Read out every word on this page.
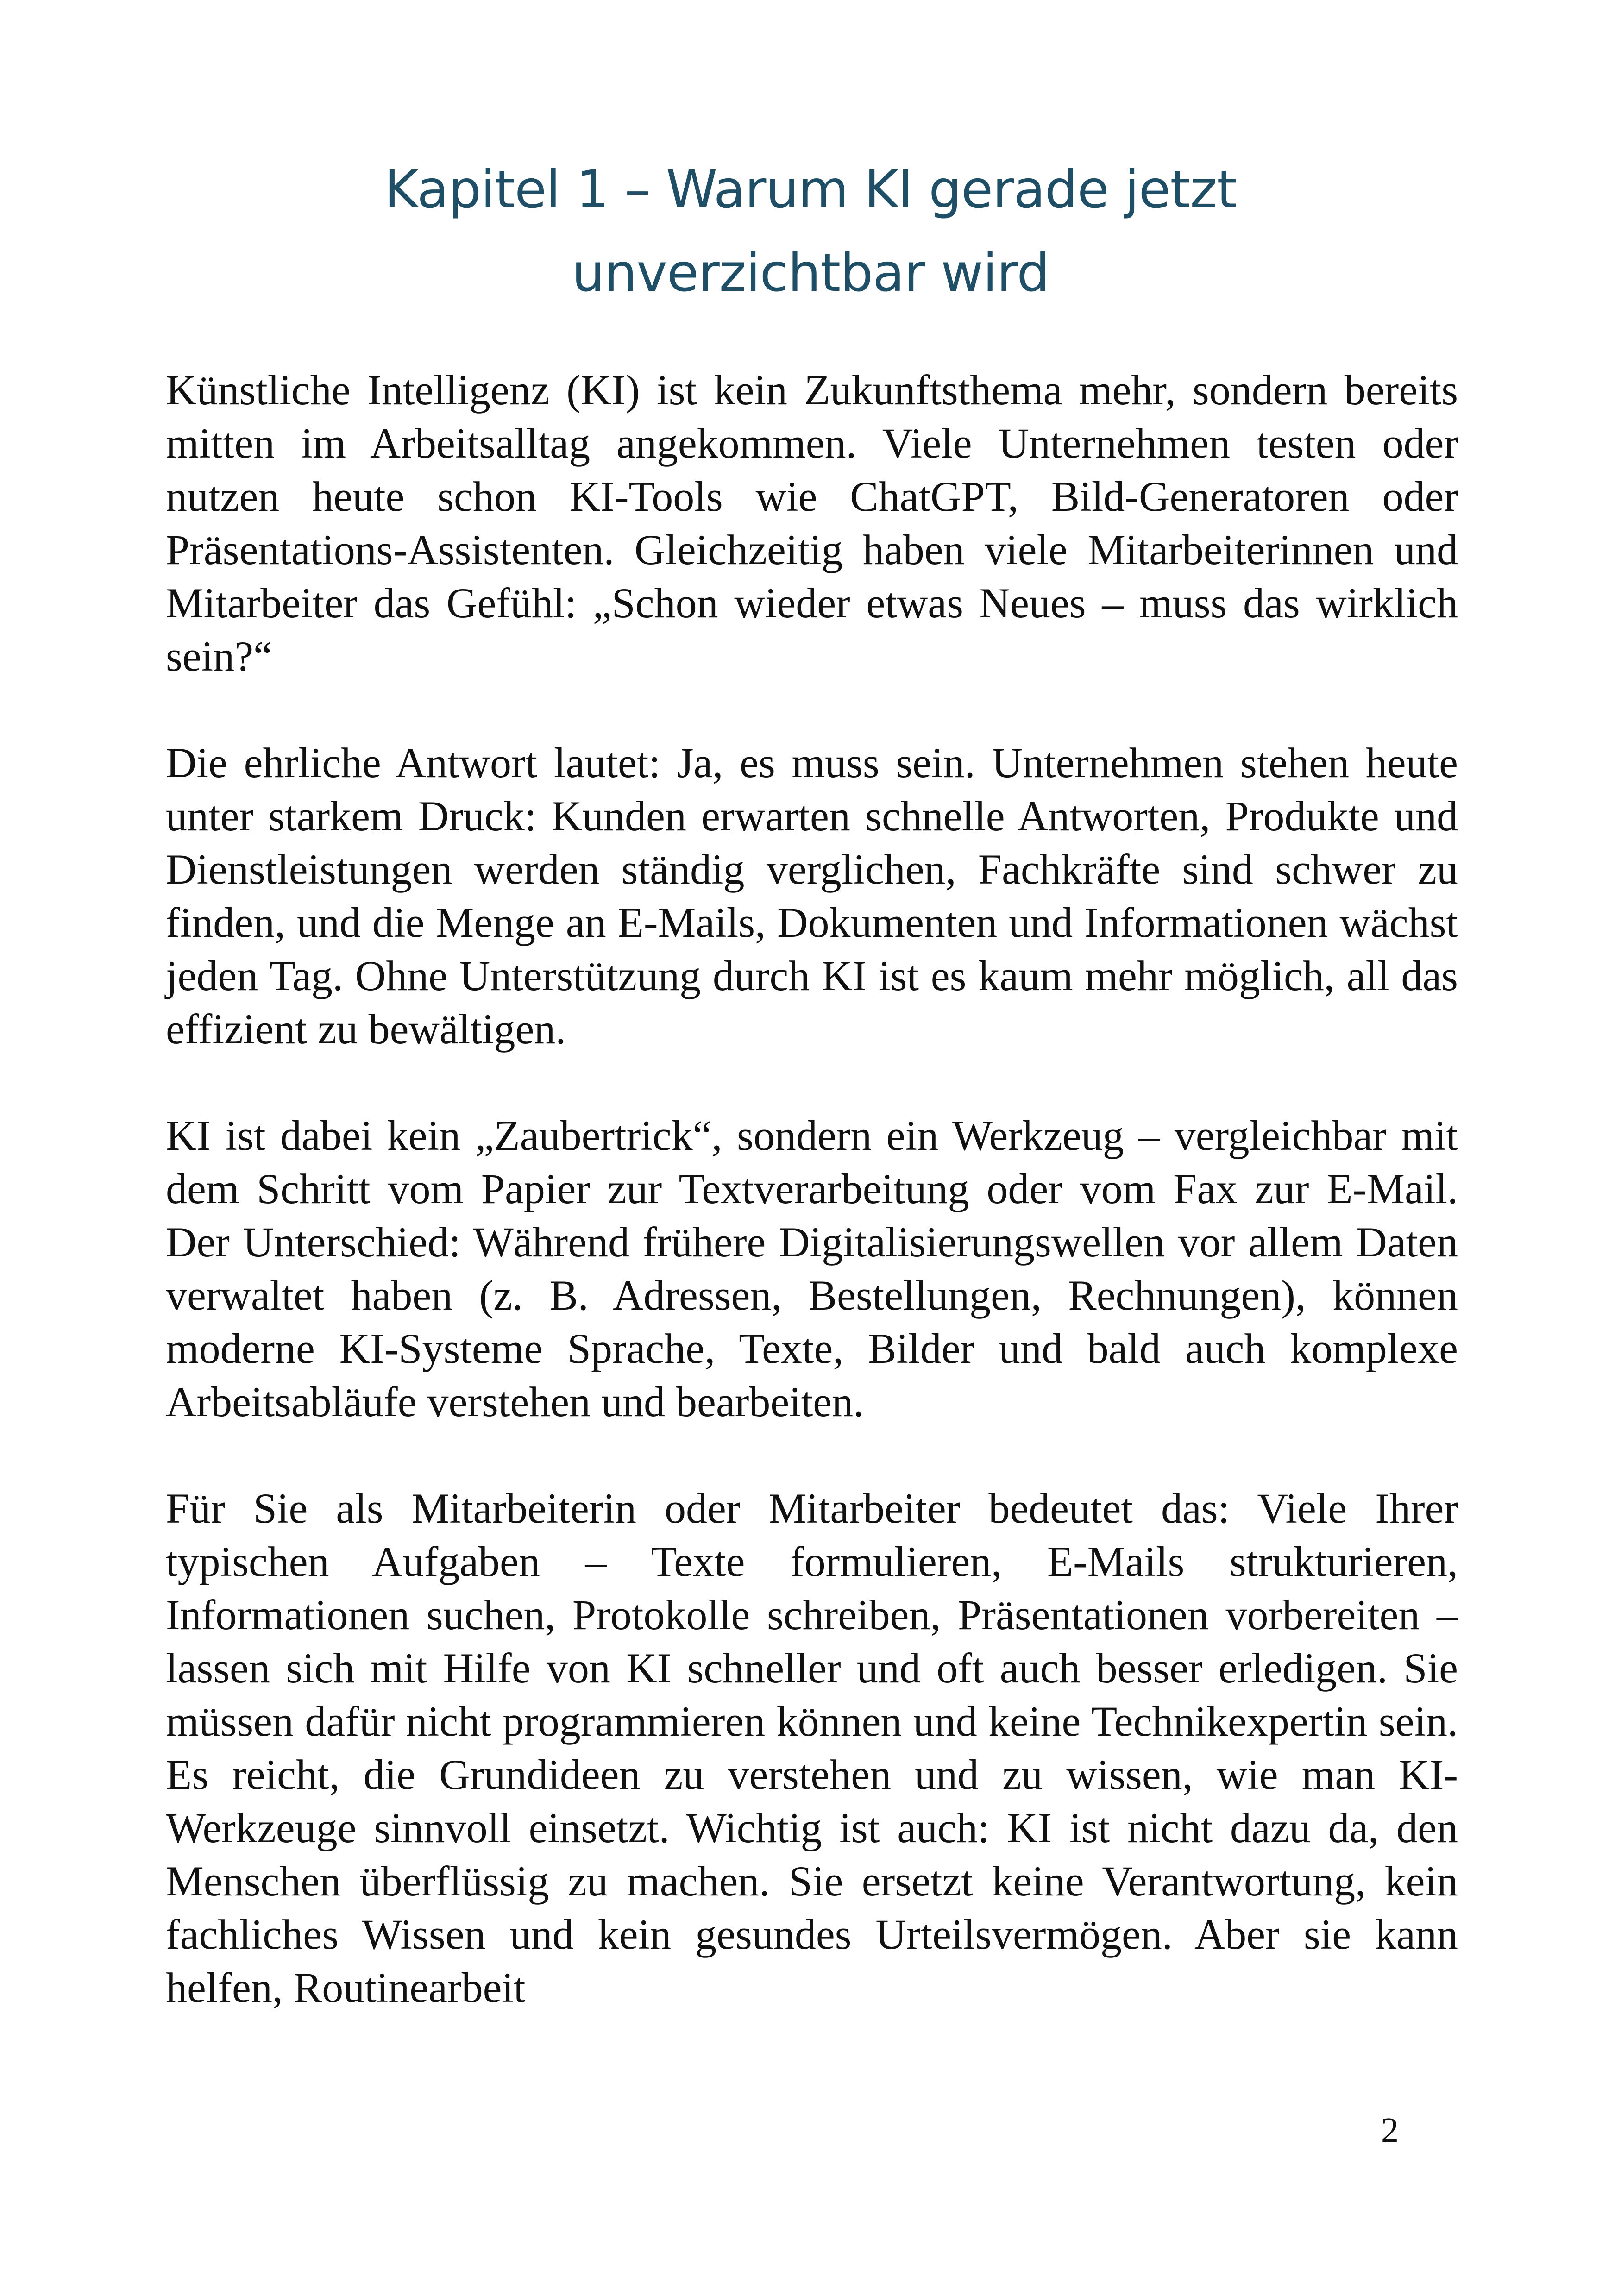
Kapitel 1 – Warum KI gerade jetzt
unverzichtbar wird

Künstliche Intelligenz (KI) ist kein Zukunftsthema mehr, sondern bereits mitten im Arbeitsalltag angekommen. Viele Unternehmen testen oder nutzen heute schon KI-Tools wie ChatGPT, Bild-Generatoren oder Präsentations-Assistenten. Gleichzeitig haben viele Mitarbeiterinnen und Mitarbeiter das Gefühl: „Schon wieder etwas Neues – muss das wirklich sein?“

Die ehrliche Antwort lautet: Ja, es muss sein. Unternehmen stehen heute unter starkem Druck: Kunden erwarten schnelle Antworten, Produkte und Dienstleistungen werden ständig verglichen, Fachkräfte sind schwer zu finden, und die Menge an E-Mails, Dokumenten und Informationen wächst jeden Tag. Ohne Unterstützung durch KI ist es kaum mehr möglich, all das effizient zu bewältigen.

KI ist dabei kein „Zaubertrick“, sondern ein Werkzeug – vergleichbar mit dem Schritt vom Papier zur Textverarbeitung oder vom Fax zur E-Mail. Der Unterschied: Während frühere Digitalisierungswellen vor allem Daten verwaltet haben (z. B. Adressen, Bestellungen, Rechnungen), können moderne KI-Systeme Sprache, Texte, Bilder und bald auch komplexe Arbeitsabläufe verstehen und bearbeiten.

Für Sie als Mitarbeiterin oder Mitarbeiter bedeutet das: Viele Ihrer typischen Aufgaben – Texte formulieren, E-Mails strukturieren, Informationen suchen, Protokolle schreiben, Präsentationen vorbereiten – lassen sich mit Hilfe von KI schneller und oft auch besser erledigen. Sie müssen dafür nicht programmieren können und keine Technikexpertin sein. Es reicht, die Grundideen zu verstehen und zu wissen, wie man KI-Werkzeuge sinnvoll einsetzt. Wichtig ist auch: KI ist nicht dazu da, den Menschen überflüssig zu machen. Sie ersetzt keine Verantwortung, kein fachliches Wissen und kein gesundes Urteilsvermögen. Aber sie kann helfen, Routinearbeit

2
